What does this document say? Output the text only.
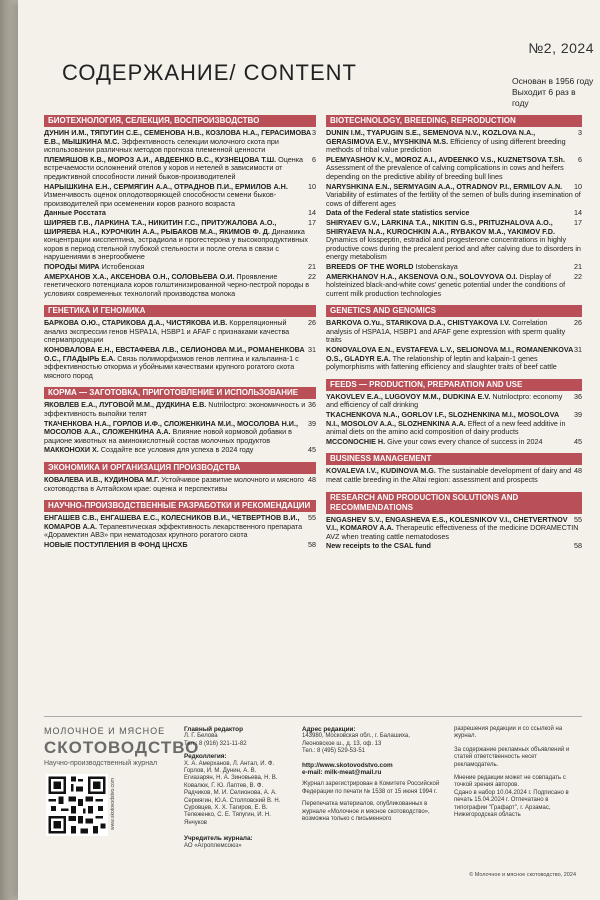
№2, 2024
СОДЕРЖАНИЕ/ CONTENT	Основан в 1956 году
Выходит 6 раз в году
БИОТЕХНОЛОГИЯ, СЕЛЕКЦИЯ, ВОСПРОИЗВОДСТВО
3
ДУНИН И.М., ТЯПУГИН С.Е., СЕМЕНОВА Н.В., КОЗЛОВА Н.А., ГЕРАСИМОВА Е.В., МЫШКИНА М.С. Эффективность селекции молочного скота при использовании различных методов прогноза племенной ценности
6
ПЛЕМЯШОВ К.В., МОРОЗ А.И., АВДЕЕНКО В.С., КУЗНЕЦОВА Т.Ш. Оценка встречаемости осложнений отелов у коров и нетелей в зависимости от предиктивной способности линий быков-производителей
10
НАРЫШКИНА Е.Н., СЕРМЯГИН А.А., ОТРАДНОВ П.И., ЕРМИЛОВ А.Н. Изменчивость оценок оплодотворяющей способности семени быков-производителей при осеменении коров разного возраста
14
Данные Росстата
17
ШИРЯЕВ Г.В., ЛАРКИНА Т.А., НИКИТИН Г.С., ПРИТУЖАЛОВА А.О., ШИРЯЕВА Н.А., КУРОЧКИН А.А., РЫБАКОВ М.А., ЯКИМОВ Ф. Д. Динамика концентрации кисспептина, эстрадиола и прогестерона у высокопродуктивных коров в период стельной глубокой стельности и после отела в связи с нарушениями в энергообмене
21
ПОРОДЫ МИРА Истобенская
22
АМЕРХАНОВ Х.А., АКСЕНОВА О.Н., СОЛОВЬЕВА О.И. Проявление генетического потенциала коров голштинизированной черно-пестрой породы в условиях современных технологий производства молока
ГЕНЕТИКА И ГЕНОМИКА
26
БАРКОВА О.Ю., СТАРИКОВА Д.А., ЧИСТЯКОВА И.В. Корреляционный анализ экспрессии генов HSPA1A, HSBP1 и AFAF с признаками качества спермапродукции
31
КОНОВАЛОВА Е.Н., ЕВСТАФЕВА Л.В., СЕЛИОНОВА М.И., РОМАНЕНКОВА О.С., ГЛАДЫРЬ Е.А. Связь полиморфизмов генов лептина и кальпаина-1 с эффективностью откорма и убойными качествами крупного рогатого скота мясного пород
КОРМА — ЗАГОТОВКА, ПРИГОТОВЛЕНИЕ И ИСПОЛЬЗОВАНИЕ
36
ЯКОВЛЕВ Е.А., ЛУГОВОЙ М.М., ДУДКИНА Е.В. Nutriloctpro: экономичность и эффективность выпойки телят
39
ТКАЧЕНКОВА Н.А., ГОРЛОВ И.Ф., СЛОЖЕНКИНА М.И., МОСОЛОВА Н.И., МОСОЛОВ А.А., СЛОЖЕНКИНА А.А. Влияние новой кормовой добавки в рационе животных на аминокислотный состав молочных продуктов
45
МАККОНОХИ Х. Создайте все условия для успеха в 2024 году
ЭКОНОМИКА И ОРГАНИЗАЦИЯ ПРОИЗВОДСТВА
48
КОВАЛЕВА И.В., КУДИНОВА М.Г. Устойчивое развитие молочного и мясного скотоводства в Алтайском крае: оценка и перспективы
НАУЧНО-ПРОИЗВОДСТВЕННЫЕ РАЗРАБОТКИ И РЕКОМЕНДАЦИИ
55
ЕНГАШЕВ С.В., ЕНГАШЕВА Е.С., КОЛЕСНИКОВ В.И., ЧЕТВЕРТНОВ В.И., КОМАРОВ А.А. Терапевтическая эффективность лекарственного препарата «Дорамектин АВЗ» при нематодозах крупного рогатого скота
58
НОВЫЕ ПОСТУПЛЕНИЯ В ФОНД ЦНСХБ
BIOTECHNOLOGY, BREEDING, REPRODUCTION
3
DUNIN I.M., TYAPUGIN S.E., SEMENOVA N.V., KOZLOVA N.A., GERASIMOVA E.V., MYSHKINA M.S. Efficiency of using different breeding methods of tribal value prediction
6
PLEMYASHOV K.V., MOROZ A.I., AVDEENKO V.S., KUZNETSOVA T.Sh. Assessment of the prevalence of calving complications in cows and heifers depending on the predictive ability of breeding bull lines
10
NARYSHKINA E.N., SERMYAGIN A.A., OTRADNOV P.I., ERMILOV A.N. Variability of estimates of the fertility of the semen of bulls during insemination of cows of different ages
14
Data of the Federal state statistics service
17
SHIRYAEV G.V., LARKINA T.A., NIKITIN G.S., PRITUZHALOVA A.O., SHIRYAEVA N.A., KUROCHKIN A.A., RYBAKOV M.A., YAKIMOV F.D. Dynamics of kisspeptin, estradiol and progesterone concentrations in highly productive cows during the precalent period and after calving due to disorders in energy metabolism
21
BREEDS OF THE WORLD Istobenskaya
22
AMERKHANOV H.A., AKSENOVA O.N., SOLOVYOVA O.I. Display of holsteinized black-and-white cows' genetic potential under the conditions of current milk production technologies
GENETICS AND GENOMICS
26
BARKOVA O.Yu., STARIKOVA D.A., CHISTYAKOVA I.V. Correlation analysis of HSPA1A, HSBP1 and AFAF gene expression with sperm quality traits
31
KONOVALOVA E.N., EVSTAFEVA L.V., SELIONOVA M.I., ROMANENKOVA O.S., GLADYR E.A. The relationship of leptin and kalpain-1 genes polymorphisms with fattening efficiency and slaughter traits of beef cattle
FEEDS — PRODUCTION, PREPARATION AND USE
36
YAKOVLEV E.A., LUGOVOY M.M., DUDKINA E.V. Nutriloctpro: economy and efficiency of calf drinking
39
TKACHENKOVA N.A., GORLOV I.F., SLOZHENKINA M.I., MOSOLOVA N.I., MOSOLOV A.A., SLOZHENKINA A.A. Effect of a new feed additive in animal diets on the amino acid composition of dairy products
45
MCCONOCHIE H. Give your cows every chance of success in 2024
BUSINESS MANAGEMENT
48
KOVALEVA I.V., KUDINOVA M.G. The sustainable development of dairy and meat cattle breeding in the Altai region: assessment and prospects
RESEARCH AND PRODUCTION SOLUTIONS AND RECOMMENDATIONS
55
ENGASHEV S.V., ENGASHEVA E.S., KOLESNIKOV V.I., CHETVERTNOV V.I., KOMAROV A.A. Therapeutic effectiveness of the medicine DORAMECTIN AVZ when treating cattle nematodoses
58
New receipts to the CSAL fund
МОЛОЧНОЕ И МЯСНОЕ
СКОТОВОДСТВО
Научно-производственный журнал
www.skotovodstvo.com
Главный редактор
Л. Г. Белова
Тел.: 8 (916) 321-11-82
Редколлегия:
Х. А. Амерханов, Л. Антал, И. Ф. Горлов, И. М. Дунин, А. В. Егиазарян, Н. А. Зиновьева, Н. В. Ковалюк, Г. Ю. Лаптев, В. Ф. Радчиков, М. И. Селионова, А. А. Сермягин, Ю.А. Столповский В. Н. Суровцев, Х. Х. Тагиров, Е. В. Тележенко, С. Е. Тяпугин, И. Н. Янчуков
Учредитель журнала:
АО «Агроплемсоюз»
Адрес редакции:
143980, Московская обл., г. Балашиха, Леоновское ш., д. 13, оф. 13
Тел.: 8 (495) 529-53-51
http://www.skotovodstvo.com
e-mail: milk-meat@mail.ru
Журнал зарегистрирован в Комитете Российской Федерации по печати № 1538 от 15 июня 1994 г.
Перепечатка материалов, опубликованных в журнале «Молочное и мясное скотоводство», возможна только с письменного
разрешения редакции и со ссылкой на журнал.
За содержание рекламных объявлений и статей ответственность несет рекламодатель.
Мнение редакции может не совпадать с точкой зрения авторов.
Сдано в набор 10.04.2024 г. Подписано в печать 15.04.2024 г. Отпечатано в типографии "Графарт", г. Арзамас, Нижегородская область
© Молочное и мясное скотоводство, 2024
